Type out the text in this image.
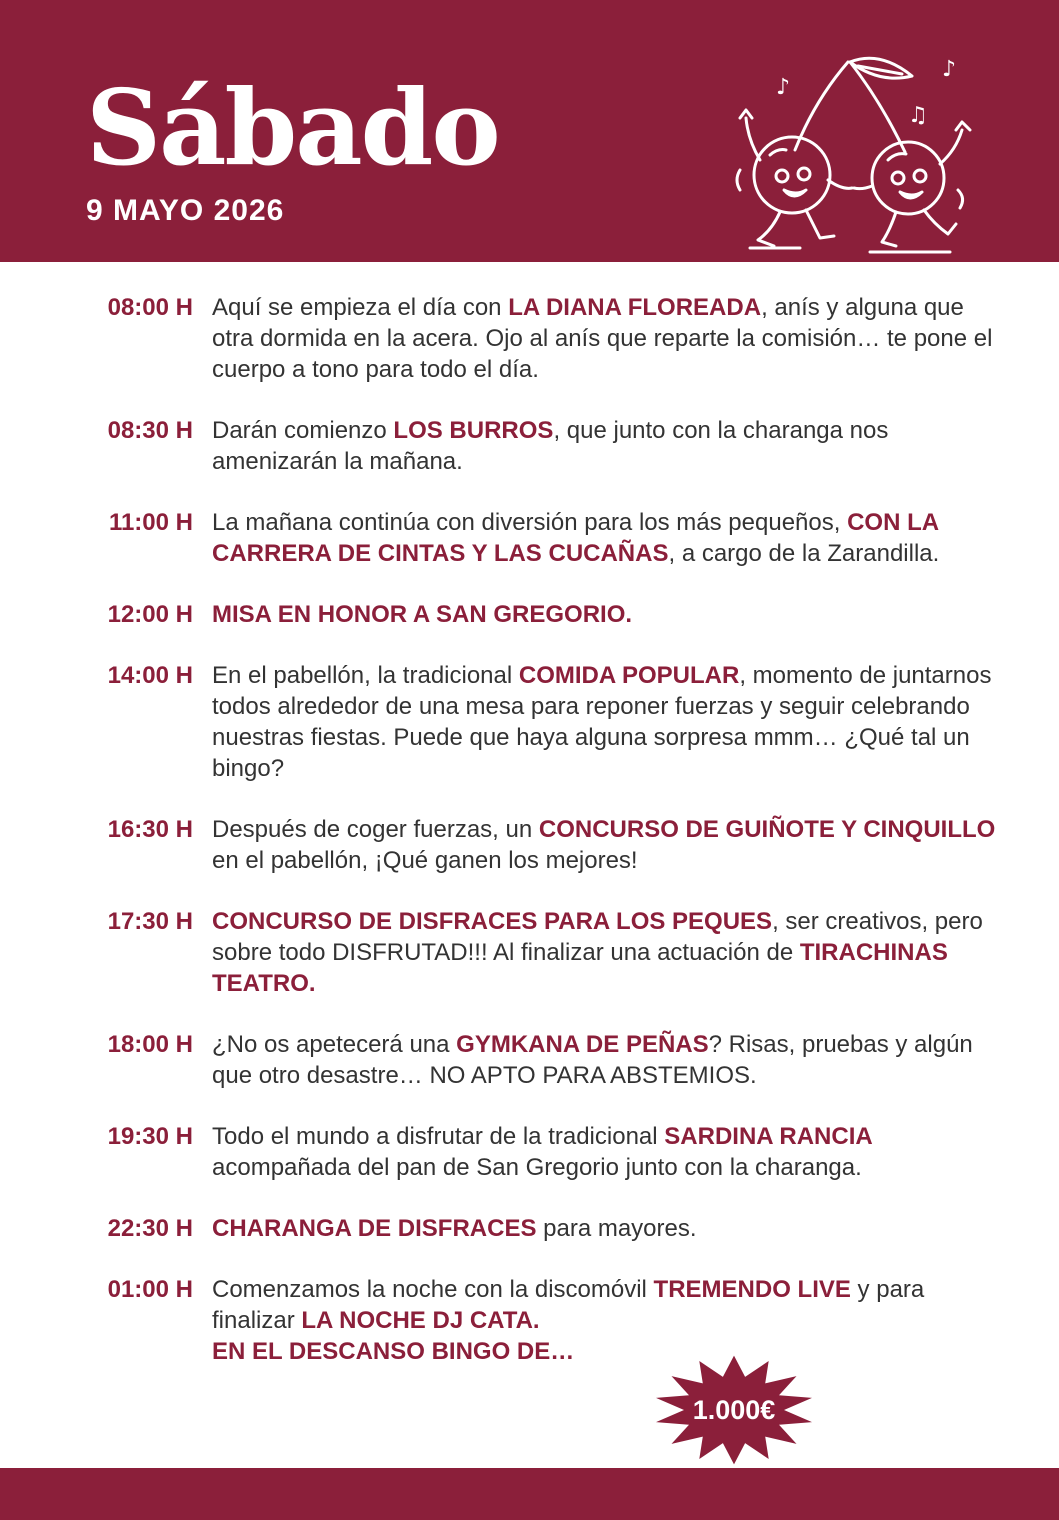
Sábado
9 MAYO 2026
♪
♫
♪
08:00 H Aquí se empieza el día con LA DIANA FLOREADA, anís y alguna que otra dormida en la acera. Ojo al anís que reparte la comisión… te pone el cuerpo a tono para todo el día.
08:30 H Darán comienzo LOS BURROS, que junto con la charanga nos amenizarán la mañana.
11:00 H La mañana continúa con diversión para los más pequeños, CON LA CARRERA DE CINTAS Y LAS CUCAÑAS, a cargo de la Zarandilla.
12:00 H MISA EN HONOR A SAN GREGORIO.
14:00 H En el pabellón, la tradicional COMIDA POPULAR, momento de juntarnos todos alrededor de una mesa para reponer fuerzas y seguir celebrando nuestras fiestas. Puede que haya alguna sorpresa mmm… ¿Qué tal un bingo?
16:30 H Después de coger fuerzas, un CONCURSO DE GUIÑOTE Y CINQUILLO en el pabellón, ¡Qué ganen los mejores!
17:30 H CONCURSO DE DISFRACES PARA LOS PEQUES, ser creativos, pero sobre todo DISFRUTAD!!! Al finalizar una actuación de TIRACHINAS TEATRO.
18:00 H ¿No os apetecerá una GYMKANA DE PEÑAS? Risas, pruebas y algún que otro desastre… NO APTO PARA ABSTEMIOS.
19:30 H Todo el mundo a disfrutar de la tradicional SARDINA RANCIA acompañada del pan de San Gregorio junto con la charanga.
22:30 H CHARANGA DE DISFRACES para mayores.
01:00 H Comenzamos la noche con la discomóvil TREMENDO LIVE y para finalizar LA NOCHE DJ CATA.
EN EL DESCANSO BINGO DE…
1.000€
